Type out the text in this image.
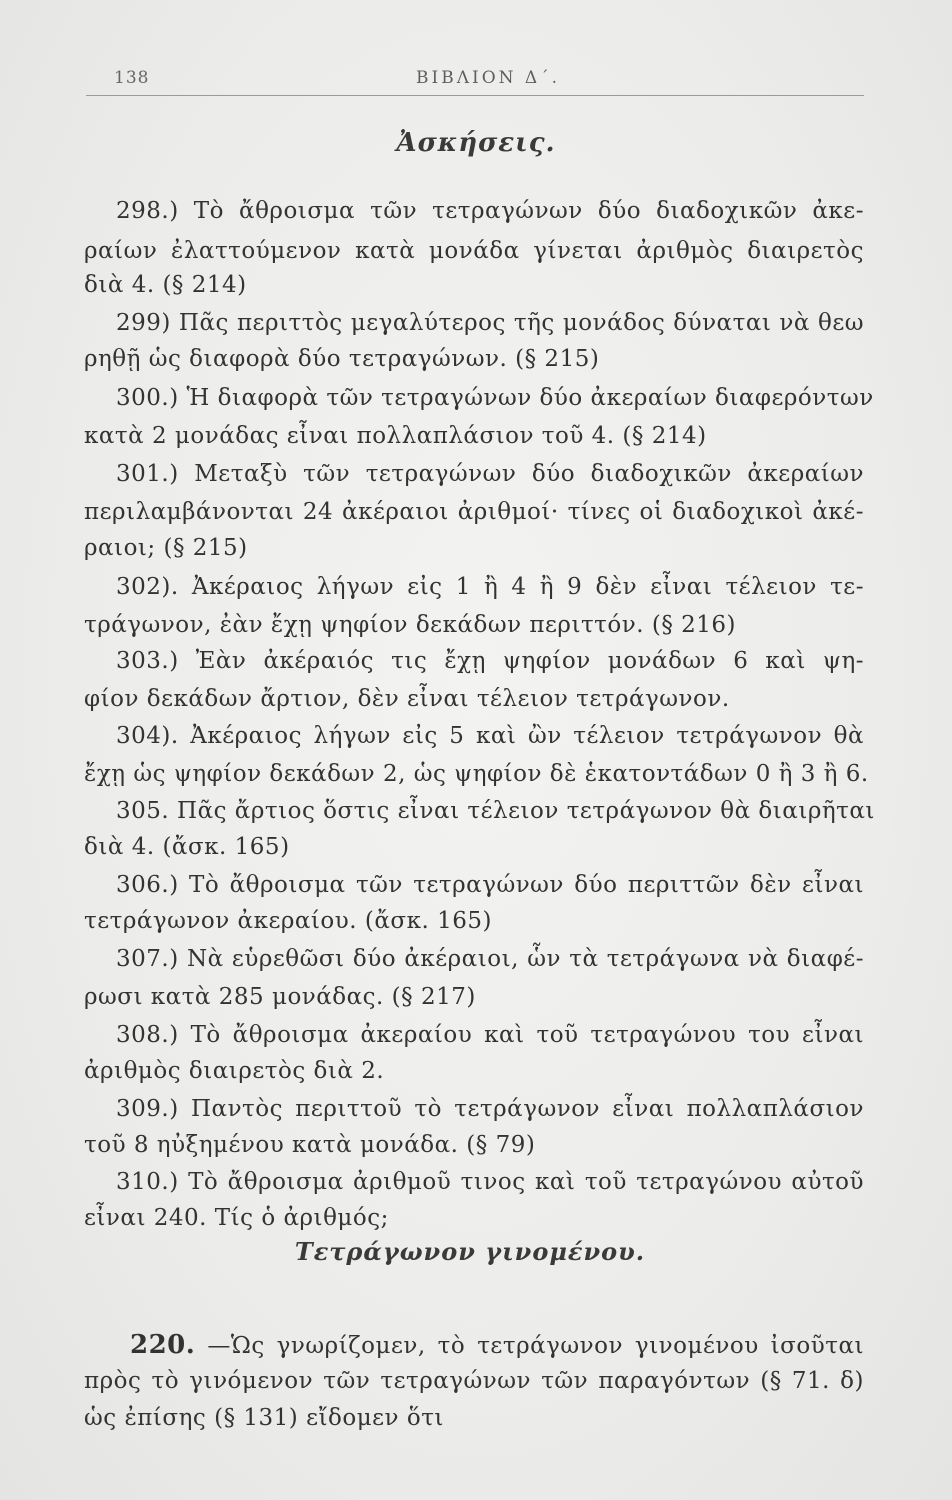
138	ΒΙΒΛΙΟΝ Δ΄.
Ἀσκήσεις.
298.) Τὸ ἄθροισμα τῶν τετραγώνων δύο διαδοχικῶν ἀκε-
ραίων ἐλαττούμενον κατὰ μονάδα γίνεται ἀριθμὸς διαιρετὸς
διὰ 4. (§ 214)
299) Πᾶς περιττὸς μεγαλύτερος τῆς μονάδος δύναται νὰ θεω
ρηθῇ ὡς διαφορὰ δύο τετραγώνων. (§ 215)
300.) Ἡ διαφορὰ τῶν τετραγώνων δύο ἀκεραίων διαφερόντων
κατὰ 2 μονάδας εἶναι πολλαπλάσιον τοῦ 4. (§ 214)
301.) Μεταξὺ τῶν τετραγώνων δύο διαδοχικῶν ἀκεραίων
περιλαμβάνονται 24 ἀκέραιοι ἀριθμοί· τίνες οἱ διαδοχικοὶ ἀκέ-
ραιοι; (§ 215)
302). Ἀκέραιος λήγων εἰς 1 ἢ 4 ἢ 9 δὲν εἶναι τέλειον τε-
τράγωνον, ἐὰν ἔχῃ ψηφίον δεκάδων περιττόν. (§ 216)
303.) Ἐὰν ἀκέραιός τις ἔχῃ ψηφίον μονάδων 6 καὶ ψη-
φίον δεκάδων ἄρτιον, δὲν εἶναι τέλειον τετράγωνον.
304). Ἀκέραιος λήγων εἰς 5 καὶ ὢν τέλειον τετράγωνον θὰ
ἔχῃ ὡς ψηφίον δεκάδων 2, ὡς ψηφίον δὲ ἑκατοντάδων 0 ἢ 3 ἢ 6.
305. Πᾶς ἄρτιος ὅστις εἶναι τέλειον τετράγωνον θὰ διαιρῆται
διὰ 4. (ἄσκ. 165)
306.) Τὸ ἄθροισμα τῶν τετραγώνων δύο περιττῶν δὲν εἶναι
τετράγωνον ἀκεραίου. (ἄσκ. 165)
307.) Νὰ εὑρεθῶσι δύο ἀκέραιοι, ὧν τὰ τετράγωνα νὰ διαφέ-
ρωσι κατὰ 285 μονάδας. (§ 217)
308.) Τὸ ἄθροισμα ἀκεραίου καὶ τοῦ τετραγώνου του εἶναι
ἀριθμὸς διαιρετὸς διὰ 2.
309.) Παντὸς περιττοῦ τὸ τετράγωνον εἶναι πολλαπλάσιον
τοῦ 8 ηὐξημένου κατὰ μονάδα. (§ 79)
310.) Τὸ ἄθροισμα ἀριθμοῦ τινος καὶ τοῦ τετραγώνου αὐτοῦ
εἶναι 240. Τίς ὁ ἀριθμός;
Τετράγωνον γινομένου.
220. —Ὡς γνωρίζομεν, τὸ τετράγωνον γινομένου ἰσοῦται
πρὸς τὸ γινόμενον τῶν τετραγώνων τῶν παραγόντων (§ 71. δ)
ὡς ἐπίσης (§ 131) εἴδομεν ὅτι
